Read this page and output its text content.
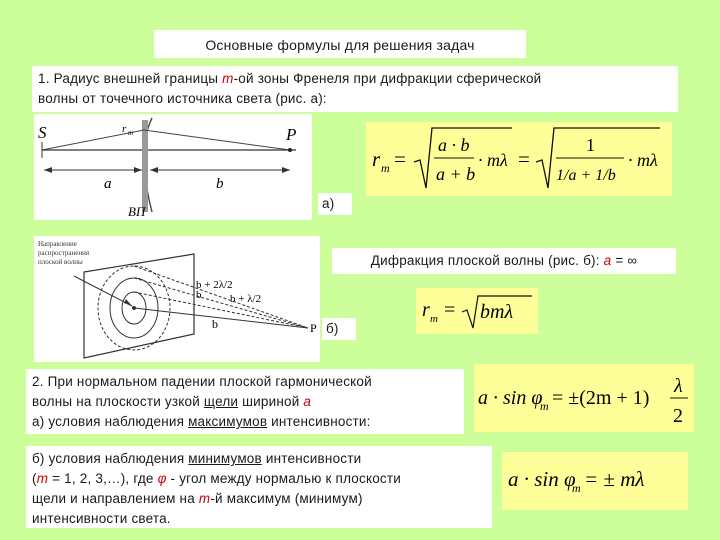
Основные формулы для решения задач
1. Радиус внешней границы m-ой зоны Френеля при дифракции сферической
волны от точечного источника света (рис. а):
S	P
r m
a	b
ВП
а)
r m =
a · b
a + b
· mλ =
1
1/a + 1/b
· mλ
Дифракция плоской волны (рис. б): a = ∞
Направление
распространения
плоской волны
b + 2λ/2
b + λ/2
b
b	P б)
r m = bmλ
2. При нормальном падении плоской гармонической
волны на плоскости узкой щели шириной a
а) условия наблюдения максимумов интенсивности:
a · sin φ
m = ±(2m + 1)
λ
2
б) условия наблюдения минимумов интенсивности
(m = 1, 2, 3,…), где φ - угол между нормалью к плоскости
щели и направлением на m-й максимум (минимум)
интенсивности света.
a · sin φ
m = ± mλ
